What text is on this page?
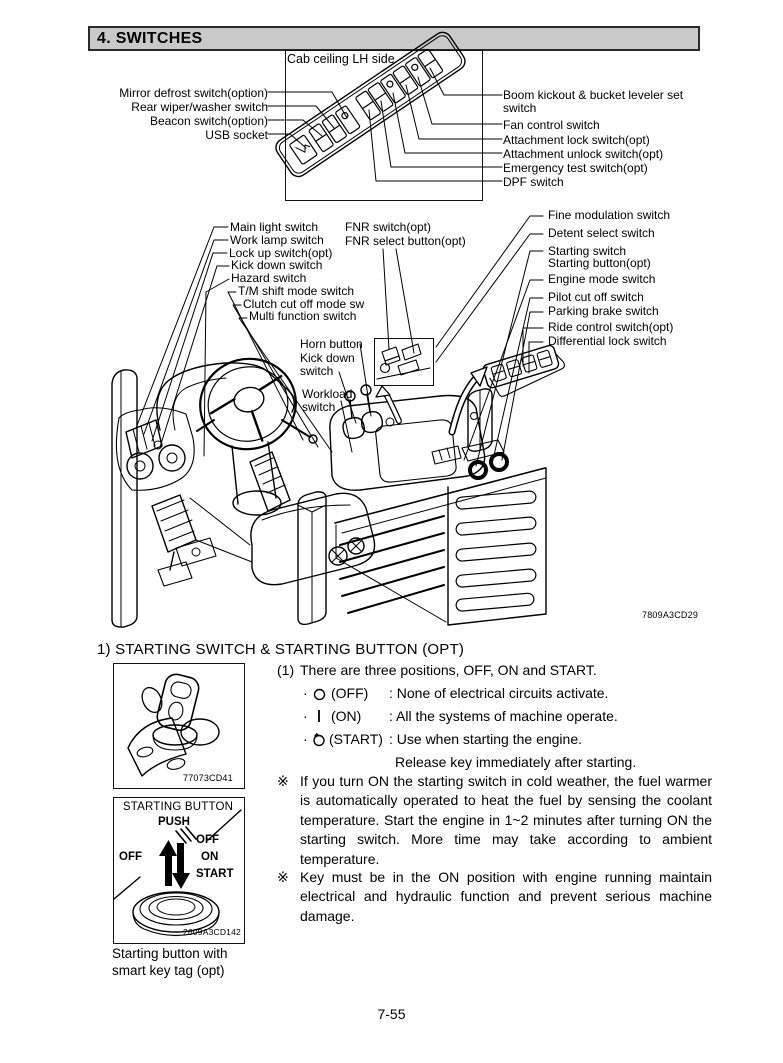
4. SWITCHES
Mirror defrost switch(option)
Rear wiper/washer switch
Beacon switch(option)
USB socket
Boom kickout & bucket leveler set switch
Fan control switch
Attachment lock switch(opt)
Attachment unlock switch(opt)
Emergency test switch(opt)
DPF switch
Main light switch
Work lamp switch
Lock up switch(opt)
Kick down switch
Hazard switch
T/M shift mode switch
Clutch cut off mode sw
Multi function switch
FNR switch(opt)
FNR select button(opt)
Horn button
Kick down switch
Workload switch
Fine modulation switch
Detent select switch
Starting switch
Starting button(opt)
Engine mode switch
Pilot cut off switch
Parking brake switch
Ride control switch(opt)
Differential lock switch
Cab ceiling LH side
7809A3CD29
1) STARTING SWITCH & STARTING BUTTON (OPT)
77073CD41
STARTING BUTTON
PUSH
OFF
ON
START
OFF
2609A3CD142
Starting button with smart key tag (opt)
(1) There are three positions, OFF, ON and START.
· (OFF) : None of electrical circuits activate.
· (ON) : All the systems of machine operate.
· (START) : Use when starting the engine.
Release key immediately after starting.
※ If you turn ON the starting switch in cold weather, the fuel warmer is automatically operated to heat the fuel by sensing the coolant temperature. Start the engine in 1~2 minutes after turning ON the starting switch. More time may take according to ambient temperature.
※ Key must be in the ON position with engine running maintain electrical and hydraulic function and prevent serious machine damage.
7-55
